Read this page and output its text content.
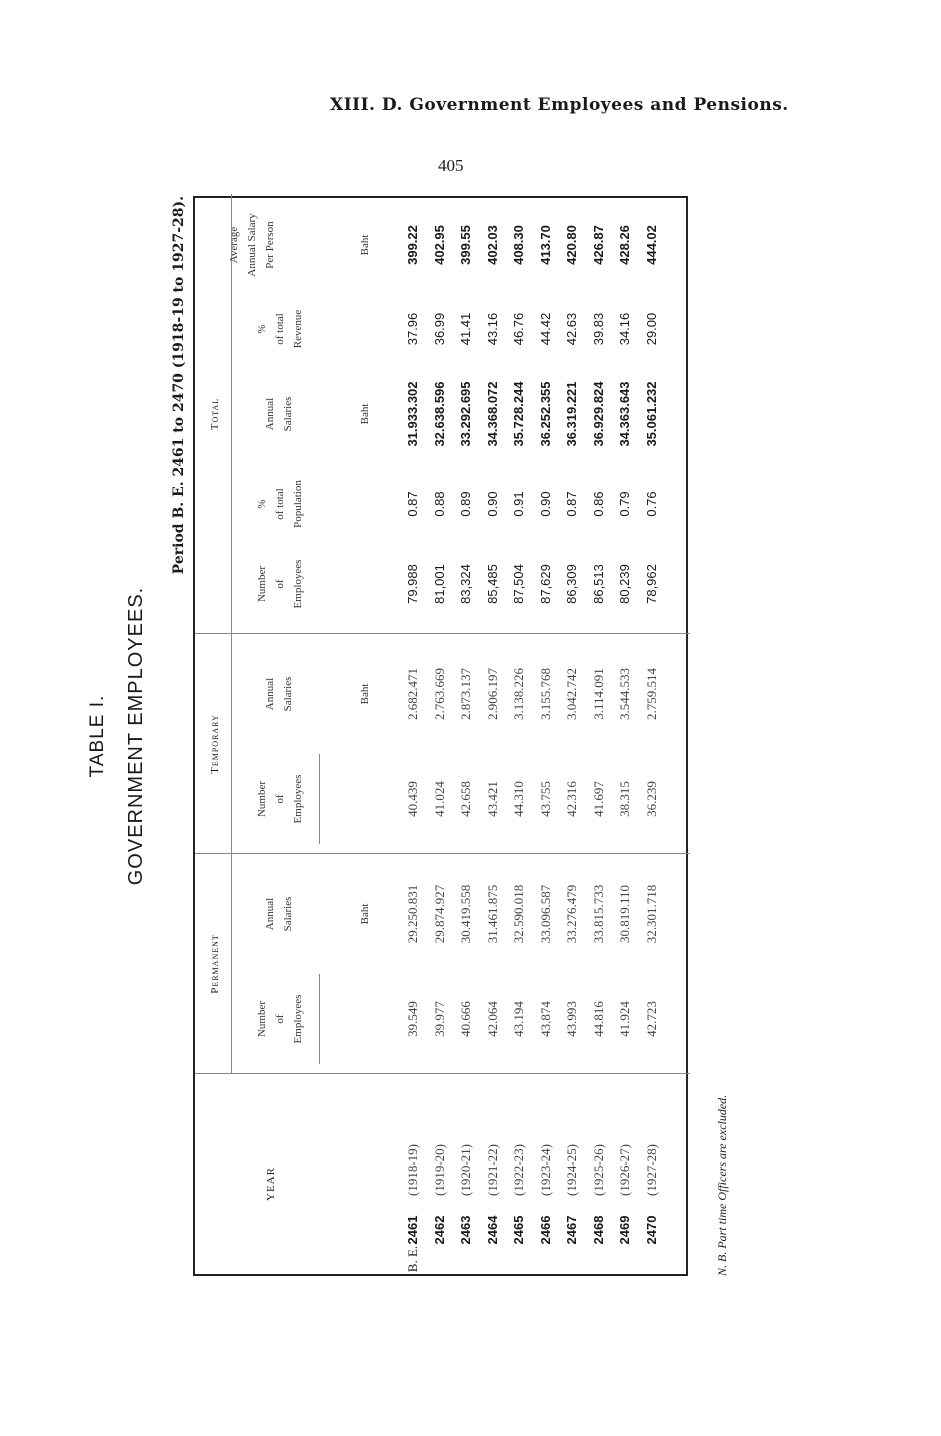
XIII. D. Government Employees and Pensions.
405
TABLE I. GOVERNMENT EMPLOYEES.
Period B. E. 2461 to 2470 (1918-19 to 1927-28).
YEAR
Permanent
Temporary
Total
Number of Employees
Annual Salaries
Number of Employees
Annual Salaries
Number of Employees
% of total Population
Annual Salaries
% of total Revenue
Average Annual Salary Per Person
Baht
Baht
Baht
Baht
B. E.
2461
(1918-19)
39.549
29.250.831
40.439
2.682.471
79.988
0.87
31.933.302
37.96
399.22
2462
(1919-20)
39.977
29.874.927
41.024
2.763.669
81,001
0.88
32.638.596
36.99
402.95
2463
(1920-21)
40.666
30.419.558
42.658
2.873.137
83,324
0.89
33.292.695
41.41
399.55
2464
(1921-22)
42.064
31.461.875
43.421
2.906.197
85,485
0.90
34.368.072
43.16
402.03
2465
(1922-23)
43.194
32.590.018
44.310
3.138.226
87,504
0.91
35.728.244
46.76
408.30
2466
(1923-24)
43.874
33.096.587
43.755
3.155.768
87,629
0.90
36.252.355
44.42
413.70
2467
(1924-25)
43.993
33.276.479
42.316
3.042.742
86,309
0.87
36.319.221
42.63
420.80
2468
(1925-26)
44.816
33.815.733
41.697
3.114.091
86,513
0.86
36.929.824
39.83
426.87
2469
(1926-27)
41.924
30.819.110
38.315
3.544.533
80,239
0.79
34.363.643
34.16
428.26
2470
(1927-28)
42.723
32.301.718
36.239
2.759.514
78,962
0.76
35.061.232
29.00
444.02
N. B. Part time Officers are excluded.
